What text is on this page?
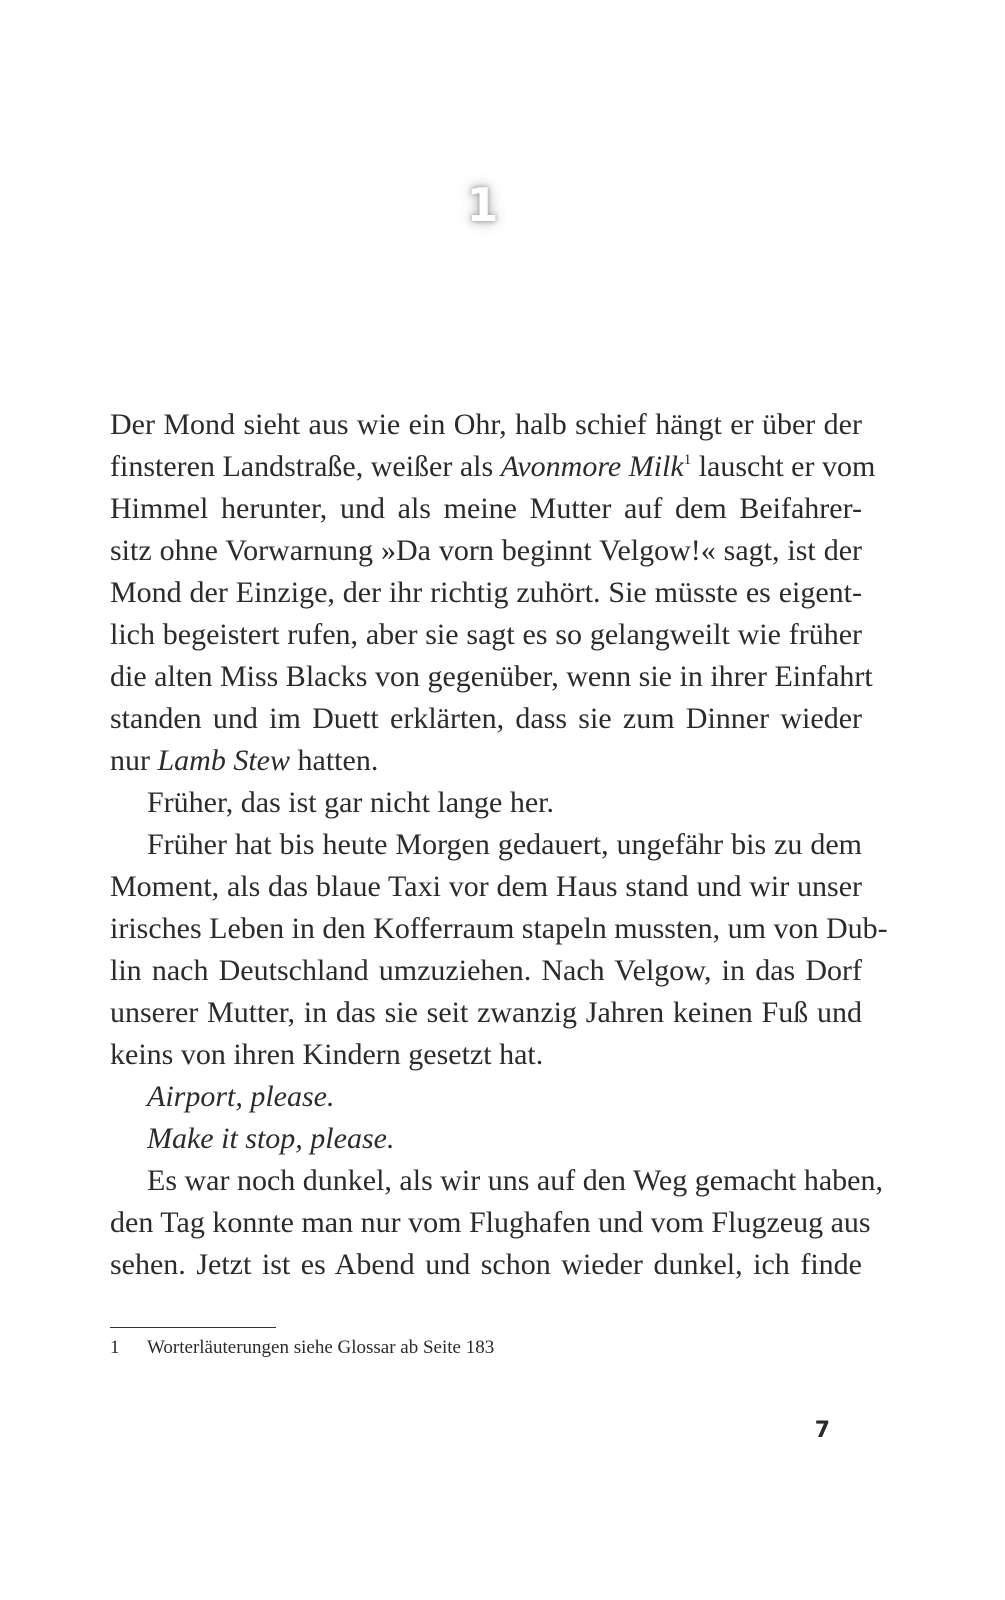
1

Der Mond sieht aus wie ein Ohr, halb schief hängt er über der
finsteren Landstraße, weißer als Avonmore Milk$^1$ lauscht er vom
Himmel herunter, und als meine Mutter auf dem Beifahrer-
sitz ohne Vorwarnung »Da vorn beginnt Velgow!« sagt, ist der
Mond der Einzige, der ihr richtig zuhört. Sie müsste es eigent-
lich begeistert rufen, aber sie sagt es so gelangweilt wie früher
die alten Miss Blacks von gegenüber, wenn sie in ihrer Einfahrt
standen und im Duett erklärten, dass sie zum Dinner wieder
nur Lamb Stew hatten.

Früher, das ist gar nicht lange her.

Früher hat bis heute Morgen gedauert, ungefähr bis zu dem
Moment, als das blaue Taxi vor dem Haus stand und wir unser
irisches Leben in den Kofferraum stapeln mussten, um von Dub-
lin nach Deutschland umzuziehen. Nach Velgow, in das Dorf
unserer Mutter, in das sie seit zwanzig Jahren keinen Fuß und
keins von ihren Kindern gesetzt hat.

Airport, please.

Make it stop, please.

Es war noch dunkel, als wir uns auf den Weg gemacht haben,
den Tag konnte man nur vom Flughafen und vom Flugzeug aus
sehen. Jetzt ist es Abend und schon wieder dunkel, ich finde

1 Worterläuterungen siehe Glossar ab Seite 183
7
